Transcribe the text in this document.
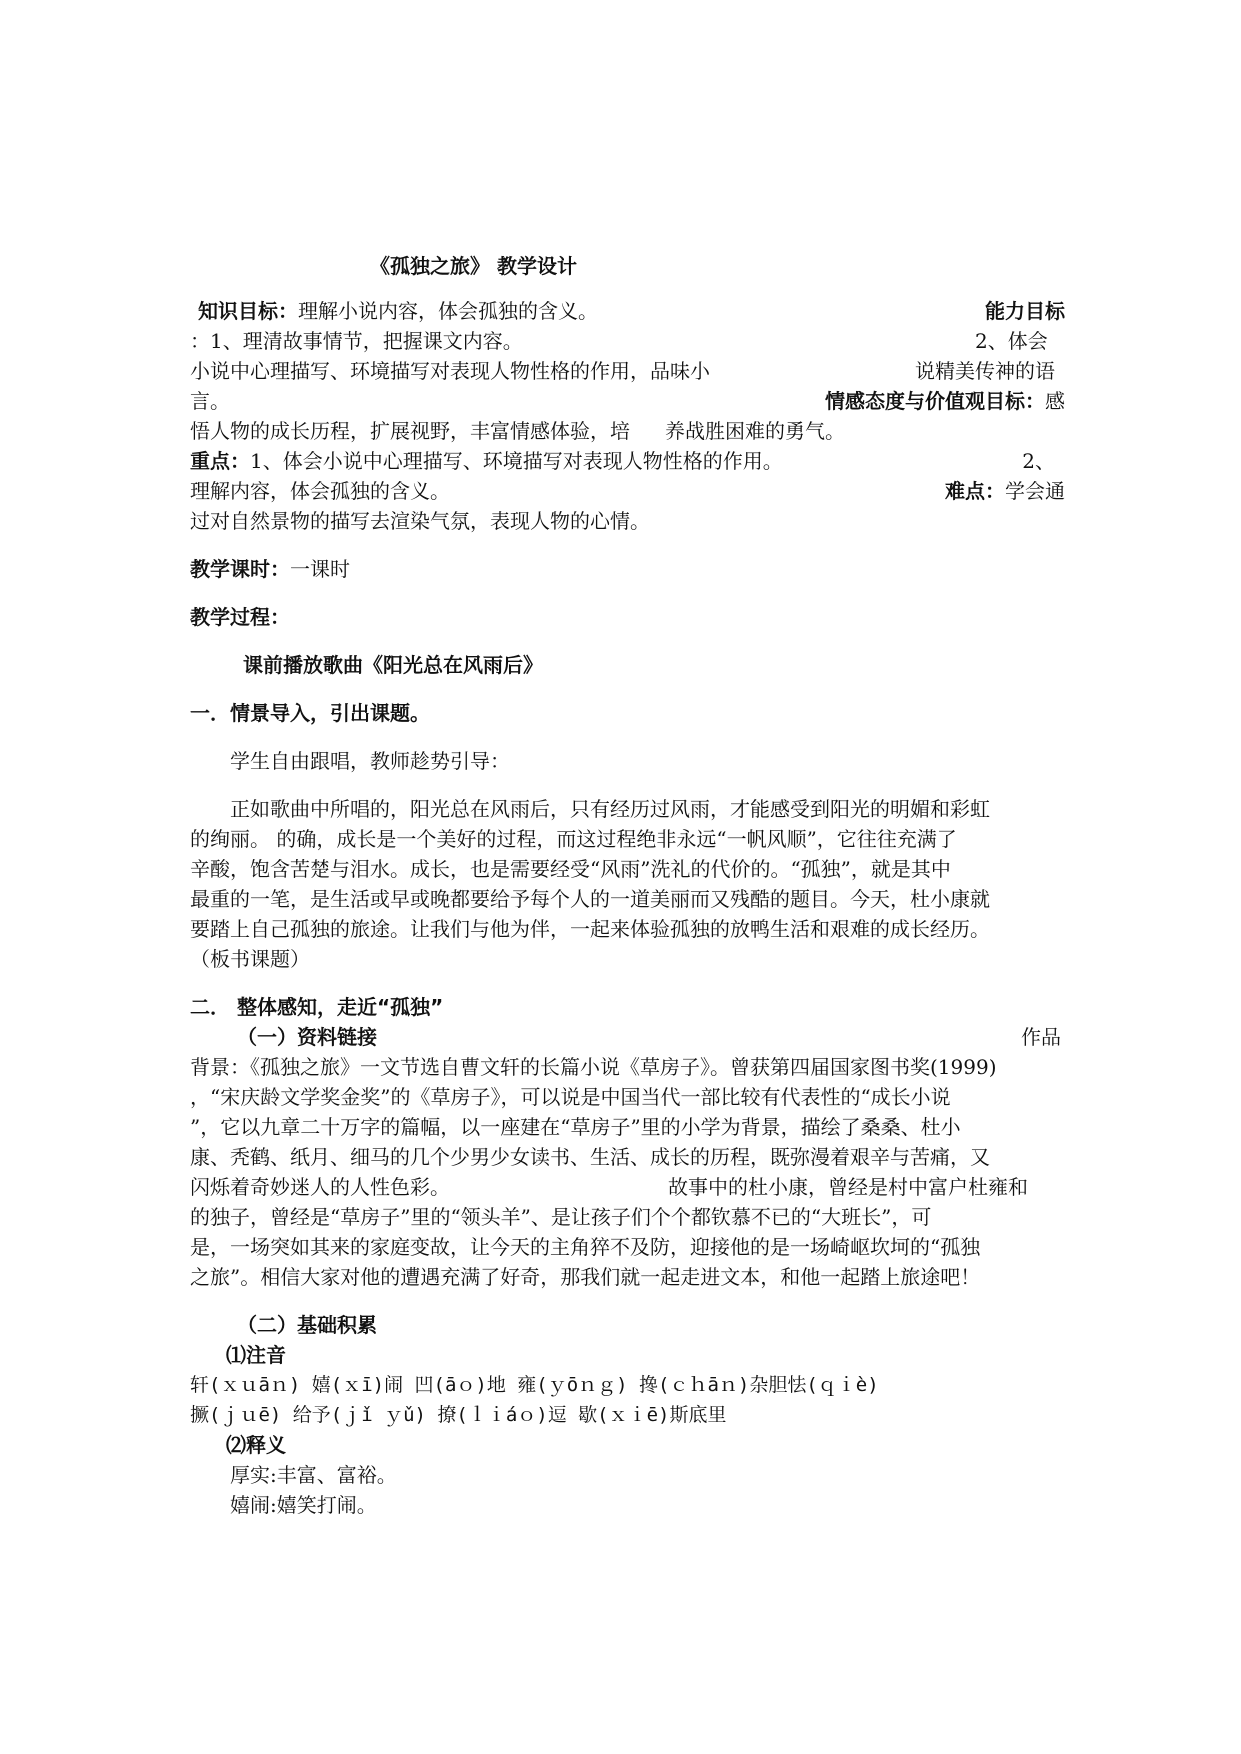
《孤独之旅》 教学设计
知识目标：理解小说内容，体会孤独的含义。	能力目标
：1、理清故事情节，把握课文内容。	2、体会
小说中心理描写、环境描写对表现人物性格的作用，品味小	说精美传神的语
言。	情感态度与价值观目标：感
悟人物的成长历程，扩展视野，丰富情感体验，培 养战胜困难的勇气。
重点：1、体会小说中心理描写、环境描写对表现人物性格的作用。	2、
理解内容，体会孤独的含义。	难点：学会通
过对自然景物的描写去渲染气氛，表现人物的心情。
教学课时：一课时
教学过程：
课前播放歌曲《阳光总在风雨后》
一．情景导入，引出课题。
学生自由跟唱，教师趁势引导：
正如歌曲中所唱的，阳光总在风雨后，只有经历过风雨，才能感受到阳光的明媚和彩虹
的绚丽。 的确，成长是一个美好的过程，而这过程绝非永远“一帆风顺”，它往往充满了
辛酸，饱含苦楚与泪水。成长，也是需要经受“风雨”洗礼的代价的。“孤独”，就是其中
最重的一笔，是生活或早或晚都要给予每个人的一道美丽而又残酷的题目。今天，杜小康就
要踏上自己孤独的旅途。让我们与他为伴，一起来体验孤独的放鸭生活和艰难的成长经历。
（板书课题）
二． 整体感知，走近“孤独”
（一）资料链接	作品
背景：《孤独之旅》一文节选自曹文轩的长篇小说《草房子》。曾获第四届国家图书奖(1999)
，“宋庆龄文学奖金奖”的《草房子》，可以说是中国当代一部比较有代表性的“成长小说
”，它以九章二十万字的篇幅，以一座建在“草房子”里的小学为背景，描绘了桑桑、杜小
康、秃鹤、纸月、细马的几个少男少女读书、生活、成长的历程，既弥漫着艰辛与苦痛，又
闪烁着奇妙迷人的人性色彩。	故事中的杜小康，曾经是村中富户杜雍和
的独子，曾经是“草房子”里的“领头羊”、是让孩子们个个都钦慕不已的“大班长”，可
是，一场突如其来的家庭变故，让今天的主角猝不及防，迎接他的是一场崎岖坎坷的“孤独
之旅”。相信大家对他的遭遇充满了好奇，那我们就一起走进文本，和他一起踏上旅途吧！
（二）基础积累
⑴注音
轩(ｘｕāｎ) 嬉(ｘī)闹 凹(āｏ)地 雍(ｙōｎｇ) 搀(ｃｈāｎ)杂胆怯(ｑｉè)
撅(ｊｕē) 给予(ｊǐ ｙǔ) 撩(ｌｉáｏ)逗 歇(ｘｉē)斯底里
⑵释义
厚实:丰富、富裕。
嬉闹:嬉笑打闹。
